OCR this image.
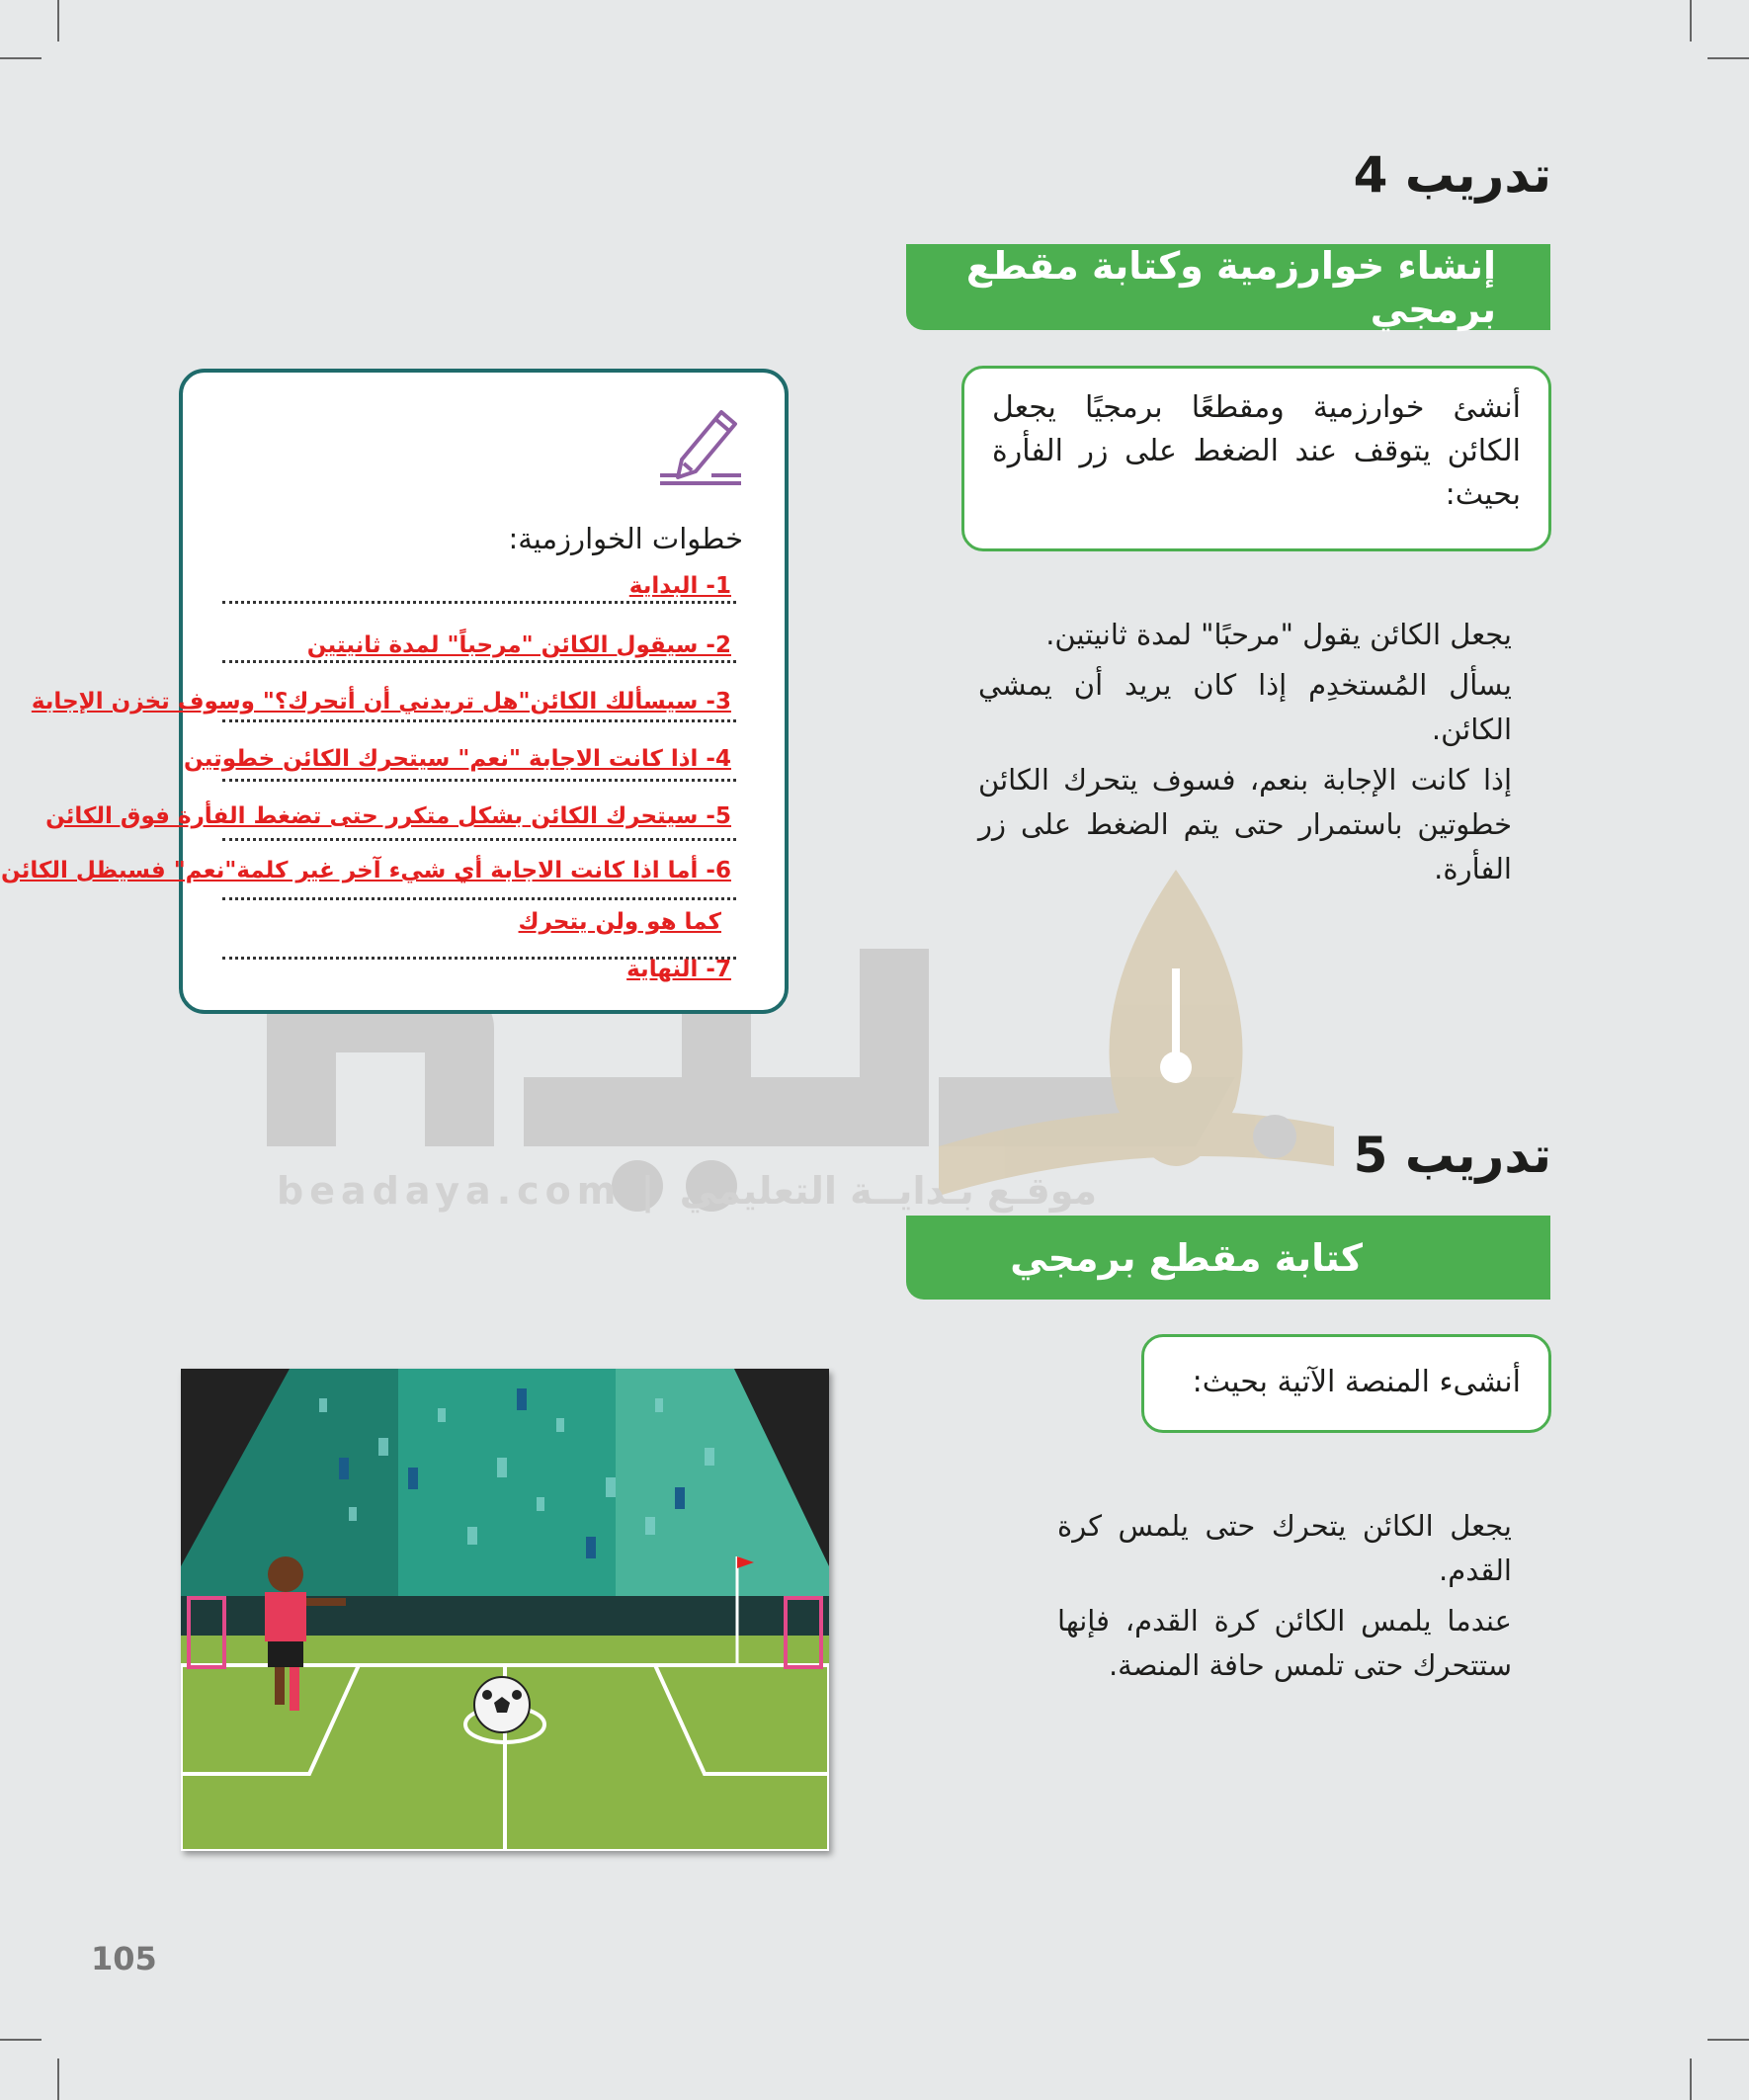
beadaya.com | موقـع بـدايــة التعليمي
تدريب 4
إنشاء خوارزمية وكتابة مقطع برمجي
أنشئ خوارزمية ومقطعًا برمجيًا يجعل الكائن يتوقف عند الضغط على زر الفأرة بحيث:

يجعل الكائن يقول "مرحبًا" لمدة ثانيتين.

يسأل المُستخدِم إذا كان يريد أن يمشي الكائن.

إذا كانت الإجابة بنعم، فسوف يتحرك الكائن خطوتين باستمرار حتى يتم الضغط على زر الفأرة.

خطوات الخوارزمية:
1- البداية
2- سيقول الكائن "مرحباً" لمدة ثانيتين
3- سيسألك الكائن"هل تريدني أن أتحرك؟" وسوف تخزن الإجابة
4- اذا كانت الاجابة "نعم" سيتحرك الكائن خطوتين
5- سيتحرك الكائن بشكل متكرر حتى تضغط الفأرة فوق الكائن
6- أما اذا كانت الاجابة أي شيء آخر غير كلمة"نعم" فسيظل الكائن
كما هو ولن يتحرك
7- النهاية
تدريب 5
كتابة مقطع برمجي
أنشىء المنصة الآتية بحيث:

يجعل الكائن يتحرك حتى يلمس كرة القدم.

عندما يلمس الكائن كرة القدم، فإنها ستتحرك حتى تلمس حافة المنصة.

105
